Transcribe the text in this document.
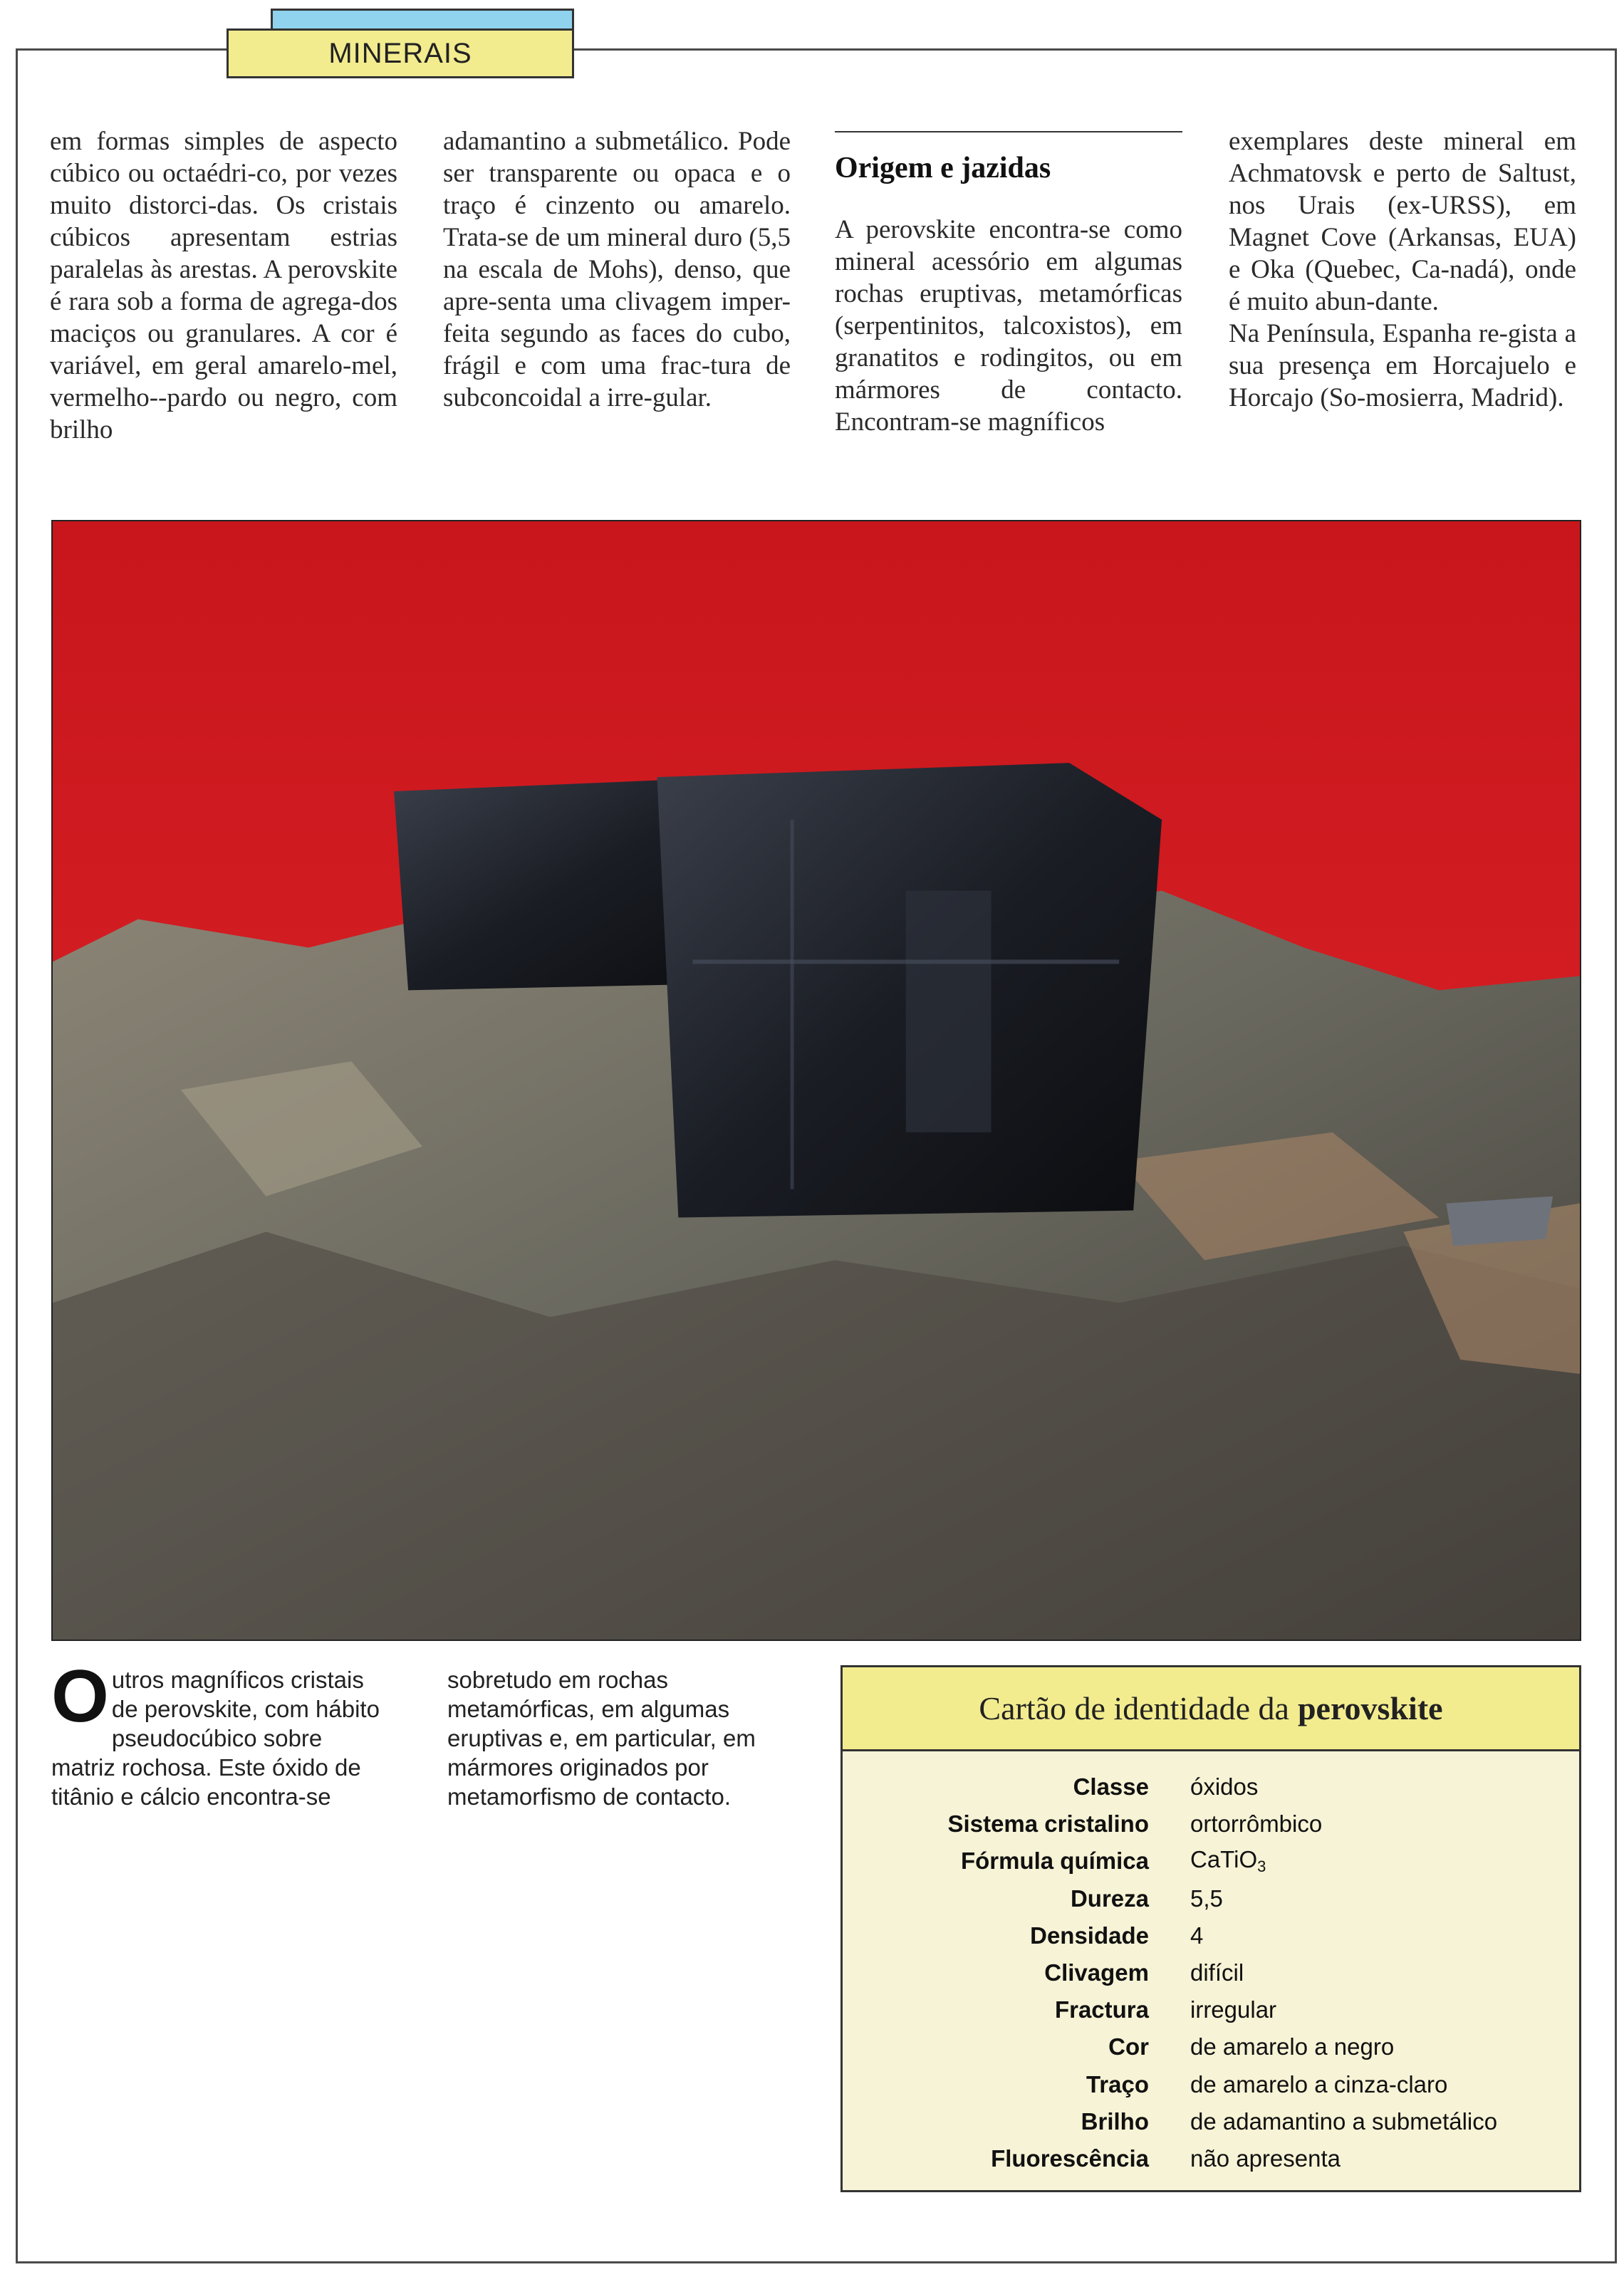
MINERAIS

em formas simples de aspecto cúbico ou octaédri-co, por vezes muito distorci-das. Os cristais cúbicos apresentam estrias paralelas às arestas. A perovskite é rara sob a forma de agrega-dos maciços ou granulares. A cor é variável, em geral amarelo-mel, vermelho--pardo ou negro, com brilho

adamantino a submetálico. Pode ser transparente ou opaca e o traço é cinzento ou amarelo. Trata-se de um mineral duro (5,5 na escala de Mohs), denso, que apre-senta uma clivagem imper-feita segundo as faces do cubo, frágil e com uma frac-tura de subconcoidal a irre-gular.

Origem e jazidas

A perovskite encontra-se como mineral acessório em algumas rochas eruptivas, metamórficas (serpentinitos, talcoxistos), em granatitos e rodingitos, ou em mármores de contacto. Encontram-se magníficos

exemplares deste mineral em Achmatovsk e perto de Saltust, nos Urais (ex-URSS), em Magnet Cove (Arkansas, EUA) e Oka (Quebec, Ca-nadá), onde é muito abun-dante.

Na Península, Espanha re-gista a sua presença em Horcajuelo e Horcajo (So-mosierra, Madrid).

O utros magníficos cristais de perovskite, com hábito pseudocúbico sobre matriz rochosa. Este óxido de titânio e cálcio encontra-se
sobretudo em rochas metamórficas, em algumas eruptivas e, em particular, em mármores originados por metamorfismo de contacto.
Cartão de identidade da perovskite
Classe óxidos
Sistema cristalino ortorrômbico
Fórmula química CaTiO$_3$
Dureza 5,5
Densidade 4
Clivagem difícil
Fractura irregular
Cor de amarelo a negro
Traço de amarelo a cinza-claro
Brilho de adamantino a submetálico
Fluorescência não apresenta
